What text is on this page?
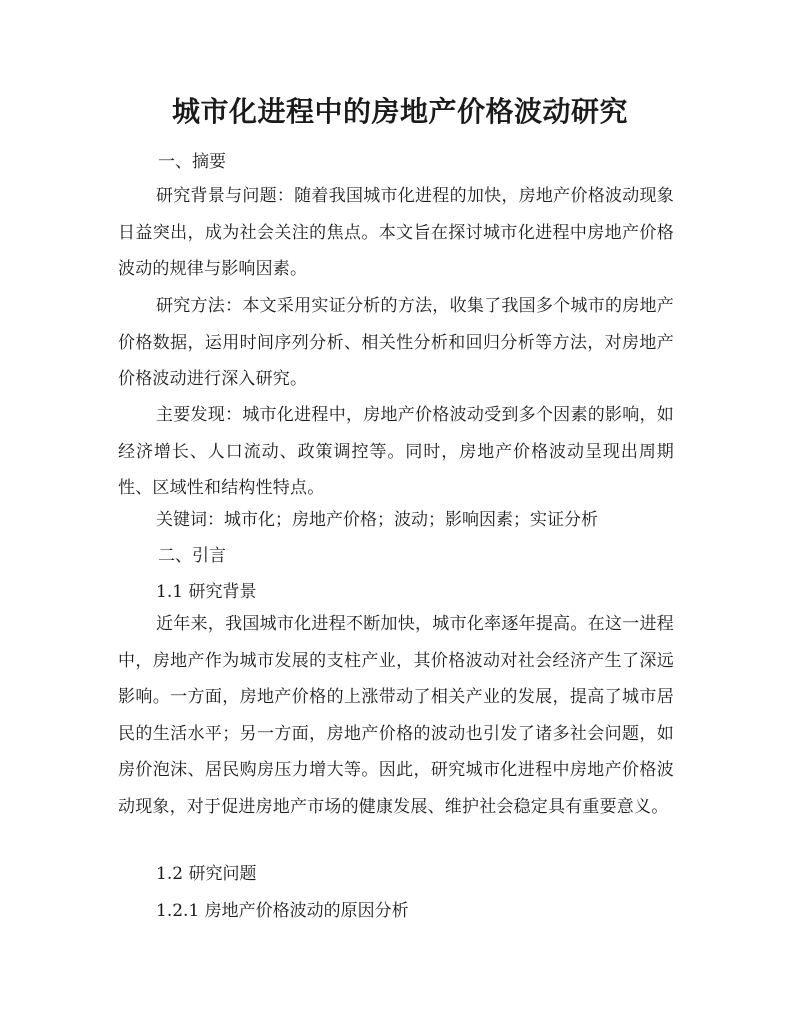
城市化进程中的房地产价格波动研究
一、摘要

研究背景与问题：随着我国城市化进程的加快，房地产价格波动现象日益突出，成为社会关注的焦点。本文旨在探讨城市化进程中房地产价格波动的规律与影响因素。

研究方法：本文采用实证分析的方法，收集了我国多个城市的房地产价格数据，运用时间序列分析、相关性分析和回归分析等方法，对房地产价格波动进行深入研究。

主要发现：城市化进程中，房地产价格波动受到多个因素的影响，如经济增长、人口流动、政策调控等。同时，房地产价格波动呈现出周期性、区域性和结构性特点。

关键词：城市化；房地产价格；波动；影响因素；实证分析

二、引言

1.1 研究背景

近年来，我国城市化进程不断加快，城市化率逐年提高。在这一进程中，房地产作为城市发展的支柱产业，其价格波动对社会经济产生了深远影响。一方面，房地产价格的上涨带动了相关产业的发展，提高了城市居民的生活水平；另一方面，房地产价格的波动也引发了诸多社会问题，如房价泡沫、居民购房压力增大等。因此，研究城市化进程中房地产价格波动现象，对于促进房地产市场的健康发展、维护社会稳定具有重要意义。

1.2 研究问题

1.2.1 房地产价格波动的原因分析
